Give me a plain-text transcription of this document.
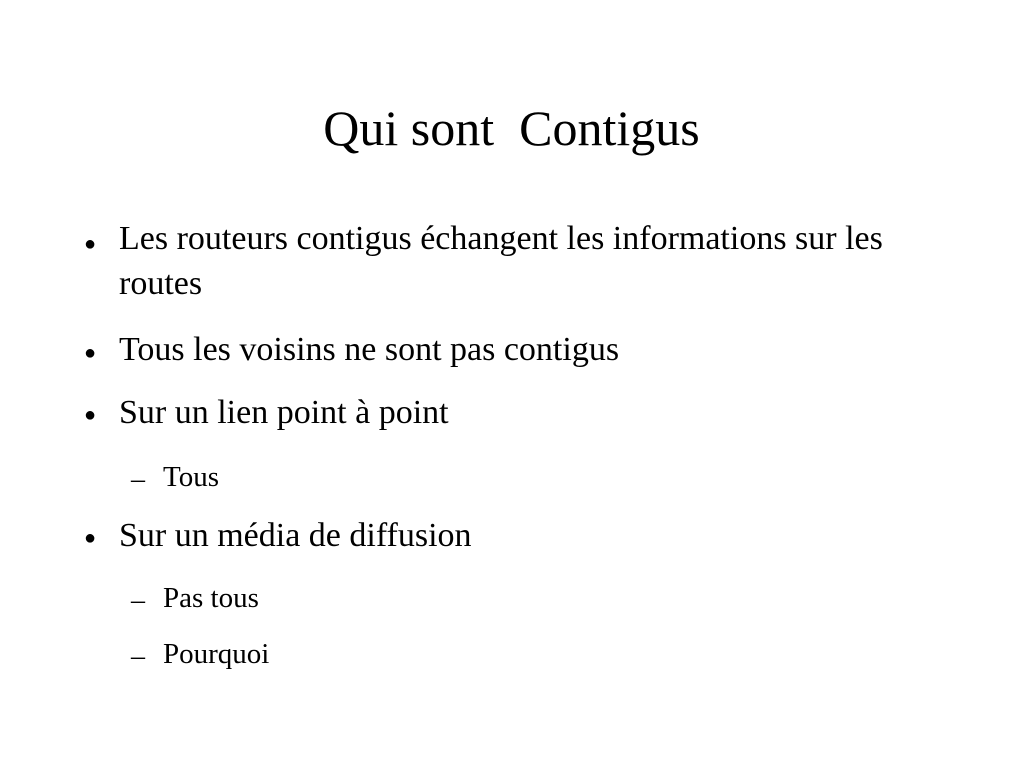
Qui sont  Contigus
● Les routeurs contigus échangent les informations sur les routes
● Tous les voisins ne sont pas contigus
● Sur un lien point à point
– Tous
● Sur un média de diffusion
– Pas tous
– Pourquoi
